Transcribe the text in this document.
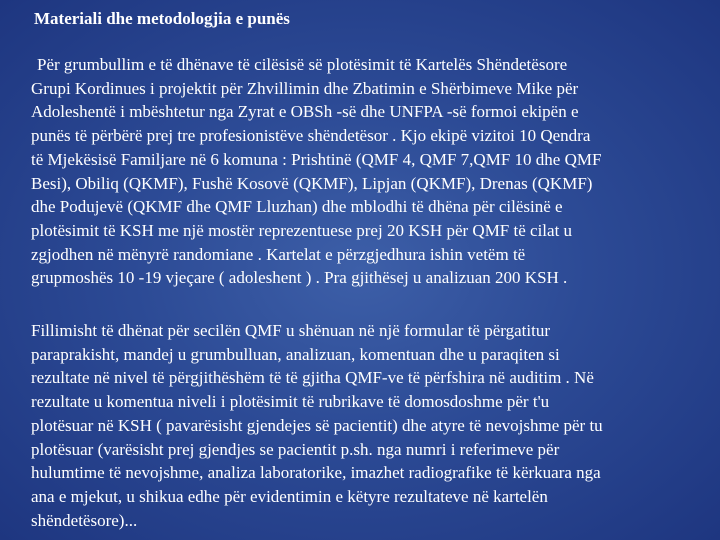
Materiali dhe metodologjia e punës
Për grumbullim e të dhënave të cilësisë së plotësimit të Kartelës Shëndetësore
Grupi Kordinues i projektit për Zhvillimin dhe Zbatimin e Shërbimeve Mike për
Adoleshentë i mbështetur nga Zyrat e OBSh -së dhe UNFPA -së formoi ekipën e
punës të përbërë prej tre profesionistëve shëndetësor . Kjo ekipë vizitoi 10 Qendra
të Mjekësisë Familjare në 6 komuna : Prishtinë (QMF 4, QMF 7,QMF 10 dhe QMF
Besi), Obiliq (QKMF), Fushë Kosovë (QKMF), Lipjan (QKMF), Drenas (QKMF)
dhe Podujevë (QKMF dhe QMF Lluzhan) dhe mblodhi të dhëna për cilësinë e
plotësimit të KSH me një mostër reprezentuese prej 20 KSH për QMF të cilat u
zgjodhen në mënyrë randomiane . Kartelat e përzgjedhura ishin vetëm të
grupmoshës 10 -19 vjeçare ( adoleshent ) . Pra gjithësej u analizuan 200 KSH .
Fillimisht të dhënat për secilën QMF u shënuan në një formular të përgatitur
paraprakisht, mandej u grumbulluan, analizuan, komentuan dhe u paraqiten si
rezultate në nivel të përgjithëshëm të të gjitha QMF-ve të përfshira në auditim . Në
rezultate u komentua niveli i plotësimit të rubrikave të domosdoshme për t'u
plotësuar në KSH ( pavarësisht gjendejes së pacientit) dhe atyre të nevojshme për tu
plotësuar (varësisht prej gjendjes se pacientit p.sh. nga numri i referimeve për
hulumtime të nevojshme, analiza laboratorike, imazhet radiografike të kërkuara nga
ana e mjekut, u shikua edhe për evidentimin e këtyre rezultateve në kartelën
shëndetësore)...
